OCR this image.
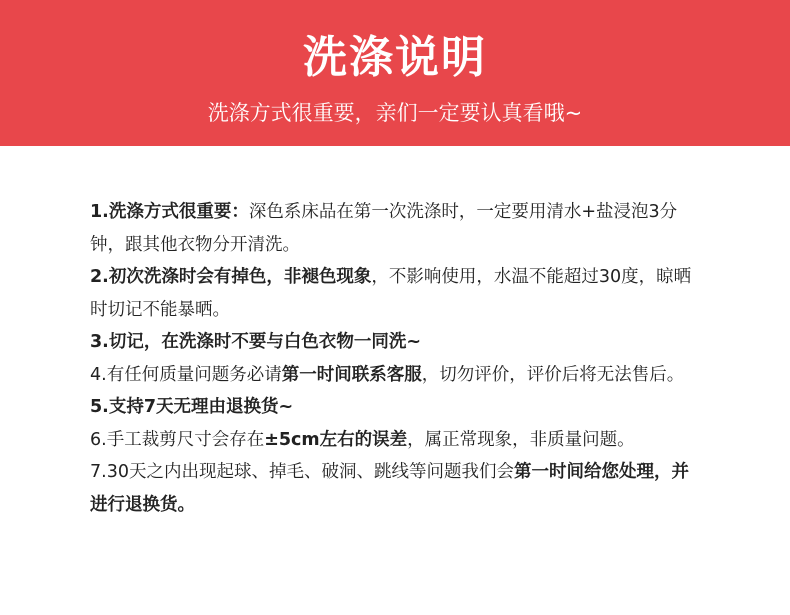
洗涤说明
洗涤方式很重要，亲们一定要认真看哦~

1.洗涤方式很重要：深色系床品在第一次洗涤时，一定要用清水+盐浸泡3分钟，跟其他衣物分开清洗。

2.初次洗涤时会有掉色，非褪色现象，不影响使用，水温不能超过30度，晾晒时切记不能暴晒。

3.切记，在洗涤时不要与白色衣物一同洗~

4.有任何质量问题务必请第一时间联系客服，切勿评价，评价后将无法售后。

5.支持7天无理由退换货~

6.手工裁剪尺寸会存在±5cm左右的误差，属正常现象，非质量问题。

7.30天之内出现起球、掉毛、破洞、跳线等问题我们会第一时间给您处理，并进行退换货。
